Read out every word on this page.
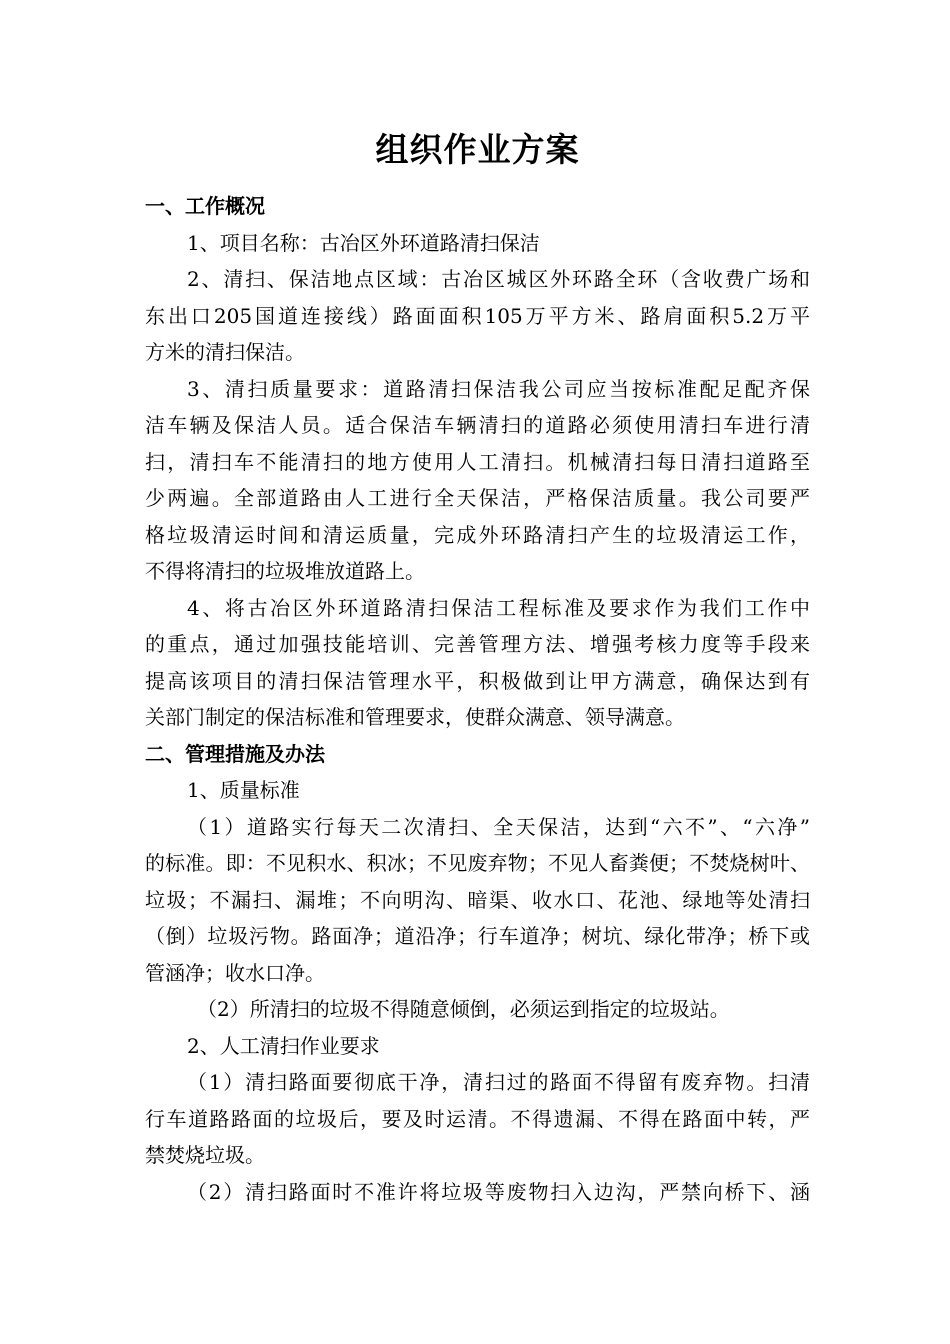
组织作业方案

一、工作概况

1、项目名称：古冶区外环道路清扫保洁

2、清扫、保洁地点区域：古冶区城区外环路全环（含收费广场和

东出口205国道连接线）路面面积105万平方米、路肩面积5.2万平

方米的清扫保洁。

3、清扫质量要求：道路清扫保洁我公司应当按标准配足配齐保

洁车辆及保洁人员。适合保洁车辆清扫的道路必须使用清扫车进行清

扫，清扫车不能清扫的地方使用人工清扫。机械清扫每日清扫道路至

少两遍。全部道路由人工进行全天保洁，严格保洁质量。我公司要严

格垃圾清运时间和清运质量，完成外环路清扫产生的垃圾清运工作，

不得将清扫的垃圾堆放道路上。

4、将古冶区外环道路清扫保洁工程标准及要求作为我们工作中

的重点，通过加强技能培训、完善管理方法、增强考核力度等手段来

提高该项目的清扫保洁管理水平，积极做到让甲方满意，确保达到有

关部门制定的保洁标准和管理要求，使群众满意、领导满意。

二、管理措施及办法

1、质量标准

（1）道路实行每天二次清扫、全天保洁，达到“六不”、“六净”

的标准。即：不见积水、积冰；不见废弃物；不见人畜粪便；不焚烧树叶、

垃圾；不漏扫、漏堆；不向明沟、暗渠、收水口、花池、绿地等处清扫

（倒）垃圾污物。路面净；道沿净；行车道净；树坑、绿化带净；桥下或

管涵净；收水口净。

（2）所清扫的垃圾不得随意倾倒，必须运到指定的垃圾站。

2、人工清扫作业要求

（1）清扫路面要彻底干净，清扫过的路面不得留有废弃物。扫清

行车道路路面的垃圾后，要及时运清。不得遗漏、不得在路面中转，严

禁焚烧垃圾。

（2）清扫路面时不准许将垃圾等废物扫入边沟，严禁向桥下、涵
